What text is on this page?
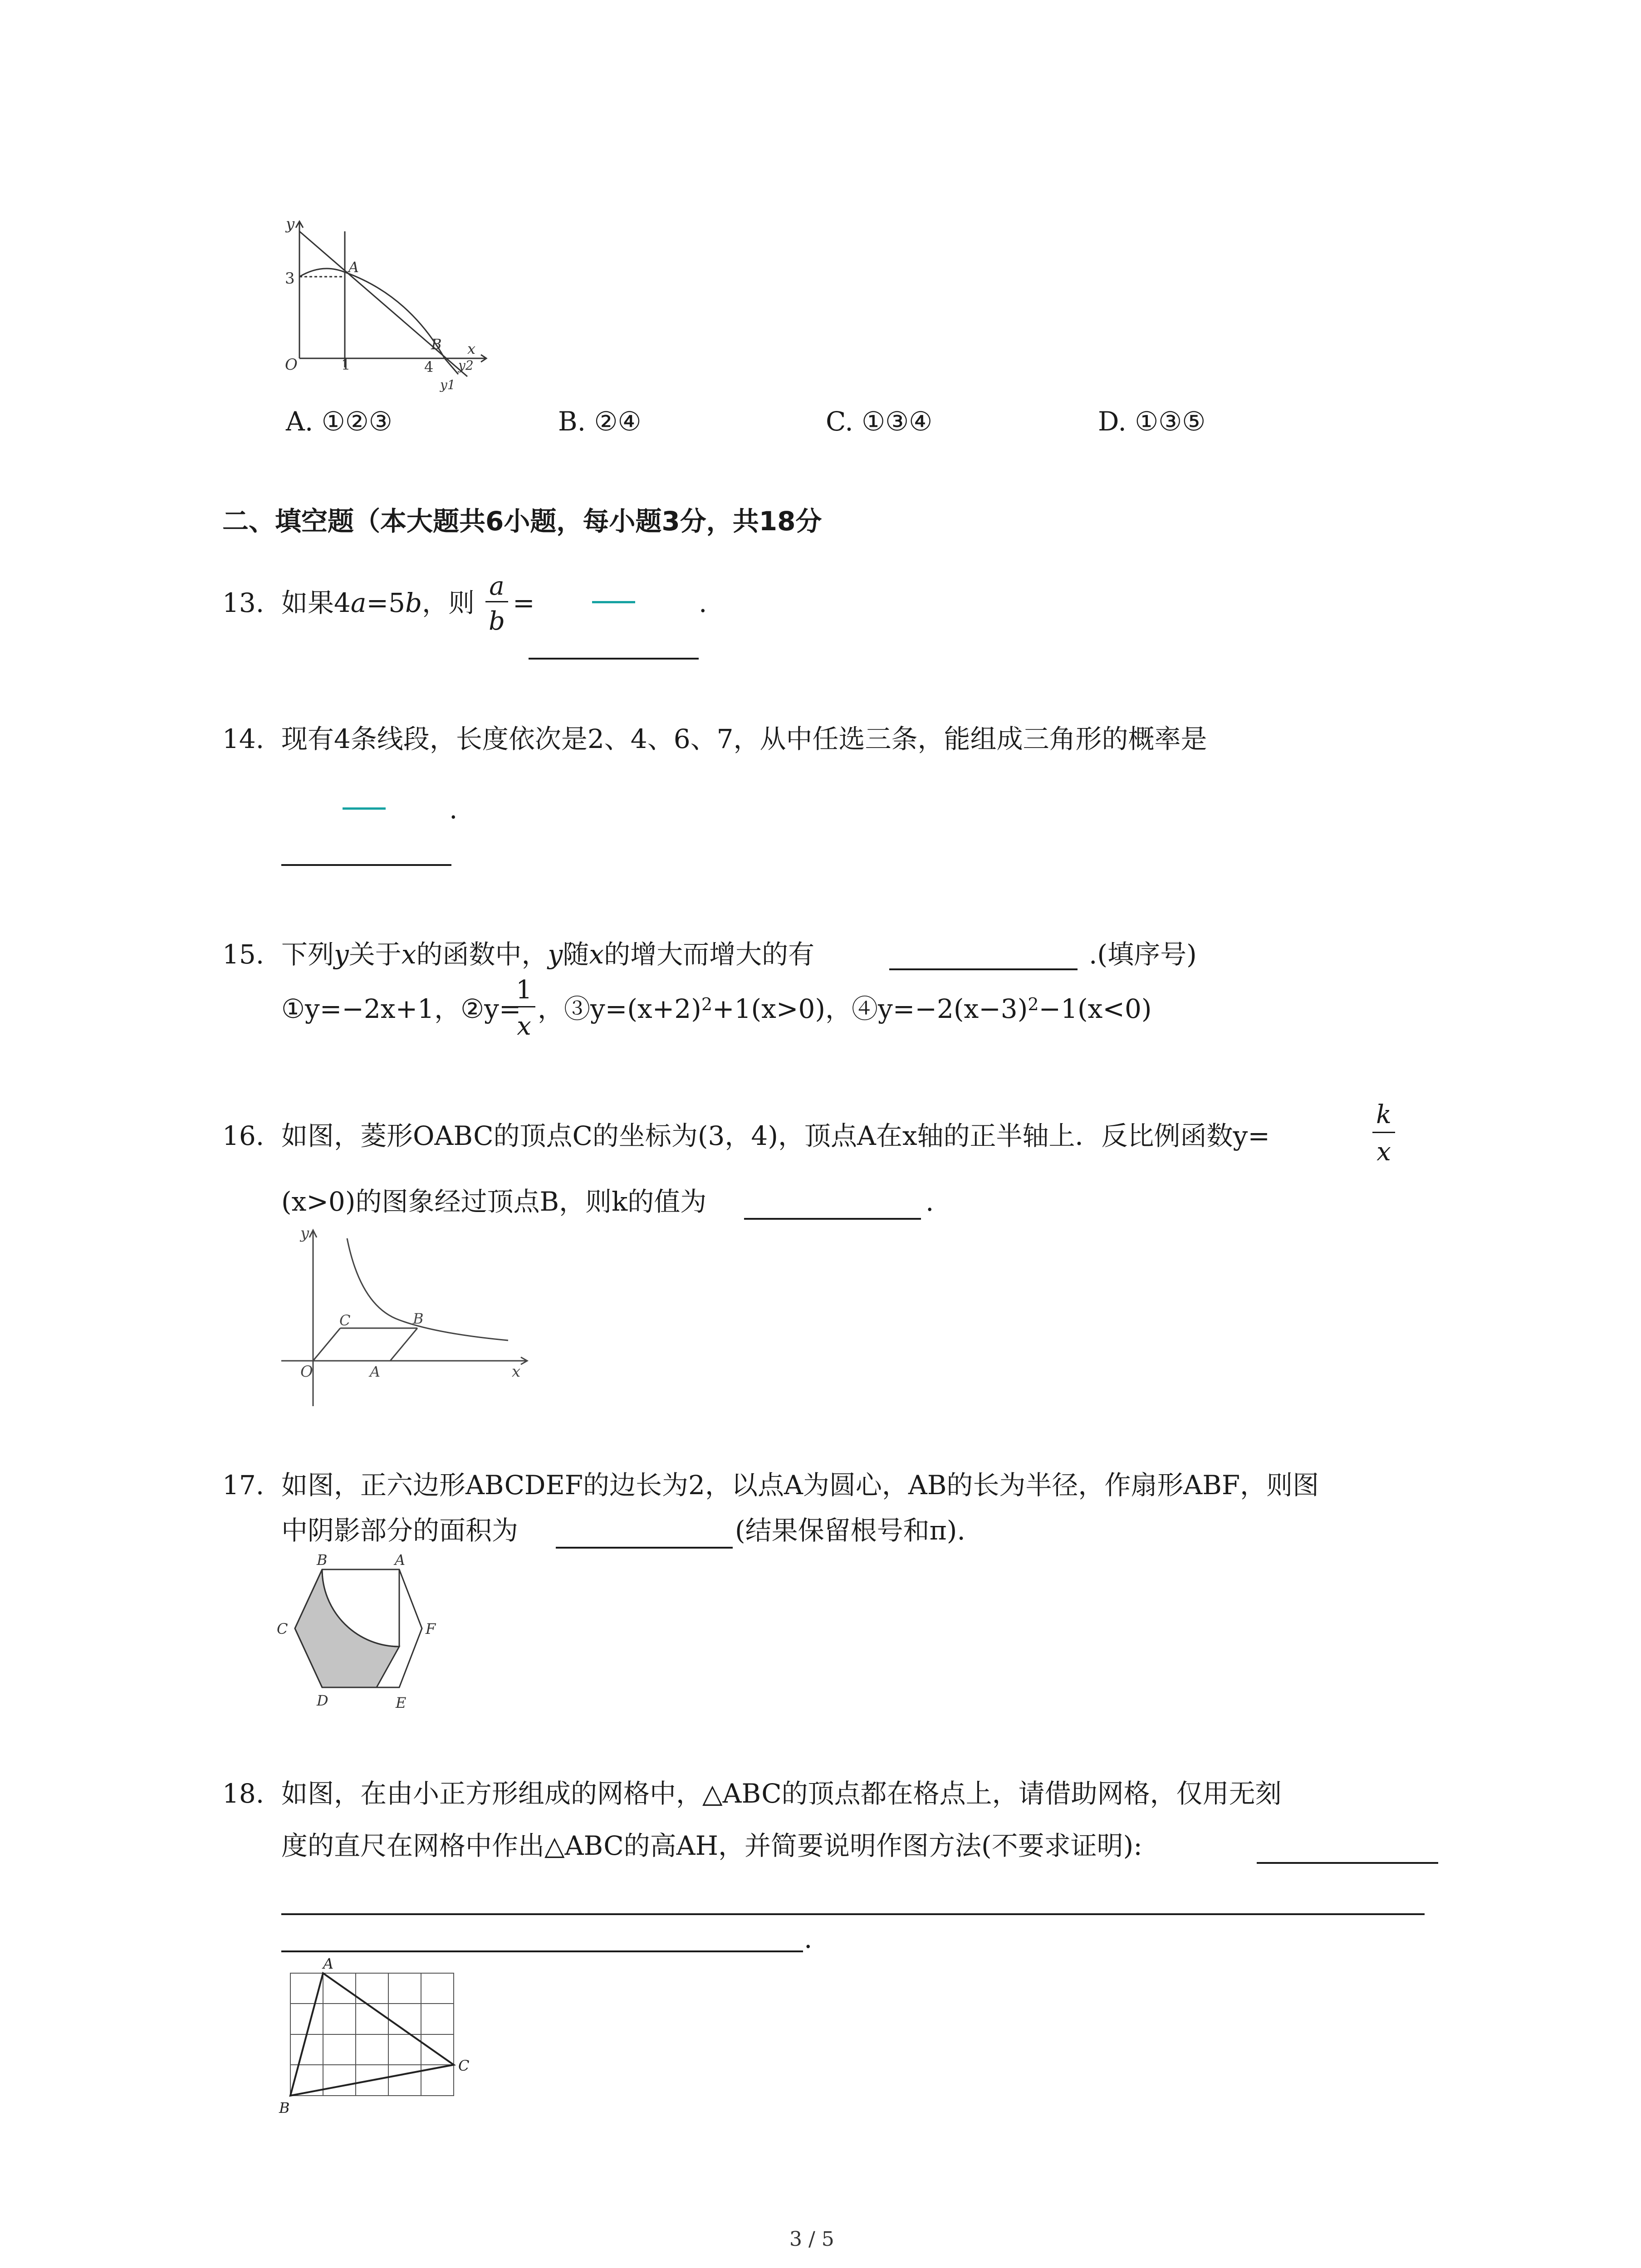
y
3
A
O	1
B
4
x
y2
y1
A. ①②③	B. ②④	C. ①③④	D. ①③⑤
二、填空题（本大题共6小题，每小题3分，共18分
13. 如果4a=5b，则
a
b
=	.
14. 现有4条线段，长度依次是2、4、6、7，从中任选三条，能组成三角形的概率是
.
15. 下列y关于x的函数中，y随x的增大而增大的有	.(填序号)
①y=−2x+1，②y=
1
x
，$③y=(x+2)^2+1(x>0)$，$④y=-2(x-3)^2-1(x<0)$
16. 如图，菱形OABC的顶点C的坐标为(3，4)，顶点A在x轴的正半轴上．反比例函数y=
k
x
(x>0)的图象经过顶点B，则k的值为	.
y
C	B
O	A	x
17. 如图，正六边形ABCDEF的边长为2，以点A为圆心，AB的长为半径，作扇形ABF，则图
中阴影部分的面积为	(结果保留根号和π).
B	A
C	F
D	E
18. 如图，在由小正方形组成的网格中，△ABC的顶点都在格点上，请借助网格，仅用无刻
度的直尺在网格中作出△ABC的高AH，并简要说明作图方法(不要求证明):
.
A
B
C
3 / 5
